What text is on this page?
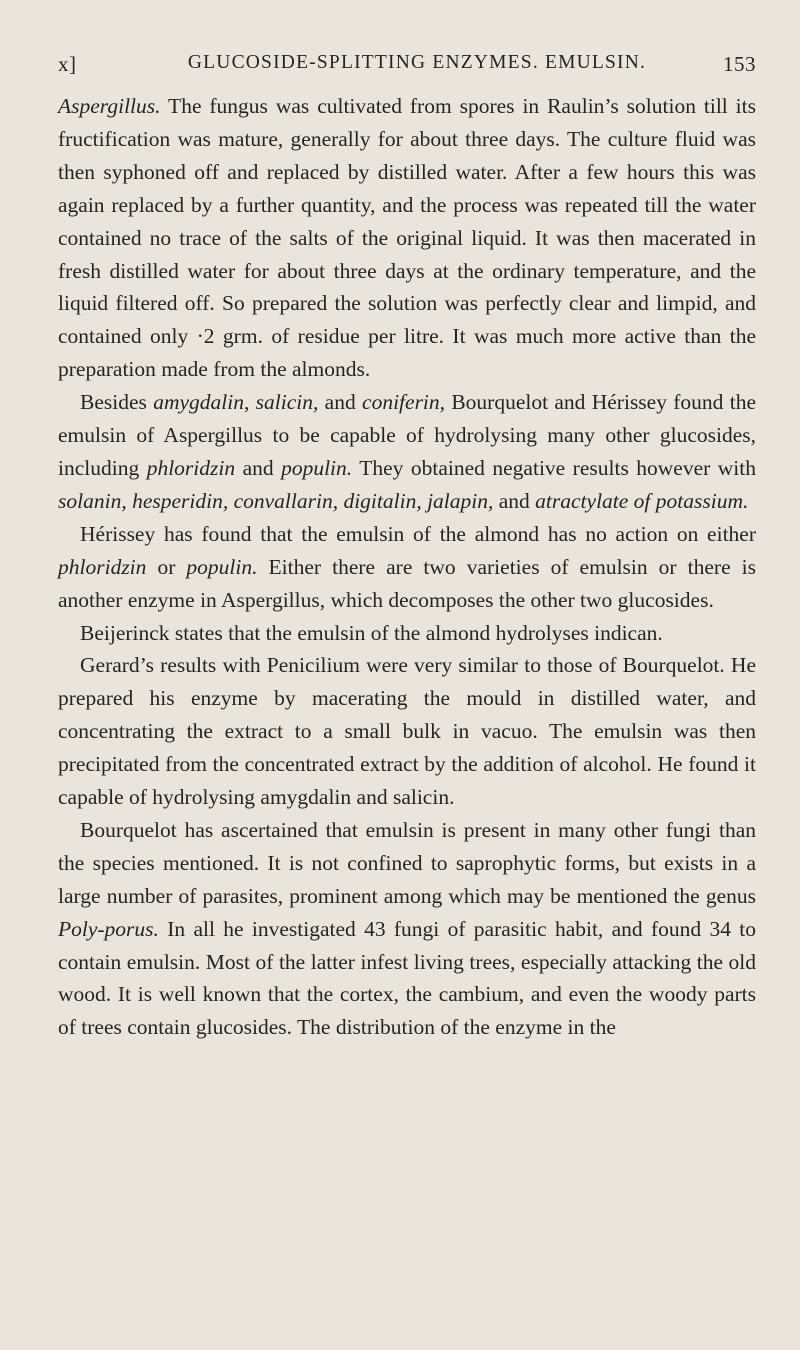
x]	GLUCOSIDE-SPLITTING ENZYMES. EMULSIN.	153

Aspergillus. The fungus was cultivated from spores in Raulin’s solution till its fructification was mature, generally for about three days. The culture fluid was then syphoned off and replaced by distilled water. After a few hours this was again replaced by a further quantity, and the process was repeated till the water contained no trace of the salts of the original liquid. It was then macerated in fresh distilled water for about three days at the ordinary temperature, and the liquid filtered off. So prepared the solution was perfectly clear and limpid, and contained only ·2 grm. of residue per litre. It was much more active than the preparation made from the almonds.

Besides amygdalin, salicin, and coniferin, Bourquelot and Hérissey found the emulsin of Aspergillus to be capable of hydrolysing many other glucosides, including phloridzin and populin. They obtained negative results however with solanin, hesperidin, convallarin, digitalin, jalapin, and atractylate of potassium.

Hérissey has found that the emulsin of the almond has no action on either phloridzin or populin. Either there are two varieties of emulsin or there is another enzyme in Aspergillus, which decomposes the other two glucosides.

Beijerinck states that the emulsin of the almond hydrolyses indican.

Gerard’s results with Penicilium were very similar to those of Bourquelot. He prepared his enzyme by macerating the mould in distilled water, and concentrating the extract to a small bulk in vacuo. The emulsin was then precipitated from the concentrated extract by the addition of alcohol. He found it capable of hydrolysing amygdalin and salicin.

Bourquelot has ascertained that emulsin is present in many other fungi than the species mentioned. It is not confined to saprophytic forms, but exists in a large number of parasites, prominent among which may be mentioned the genus Poly-porus. In all he investigated 43 fungi of parasitic habit, and found 34 to contain emulsin. Most of the latter infest living trees, especially attacking the old wood. It is well known that the cortex, the cambium, and even the woody parts of trees contain glucosides. The distribution of the enzyme in the
